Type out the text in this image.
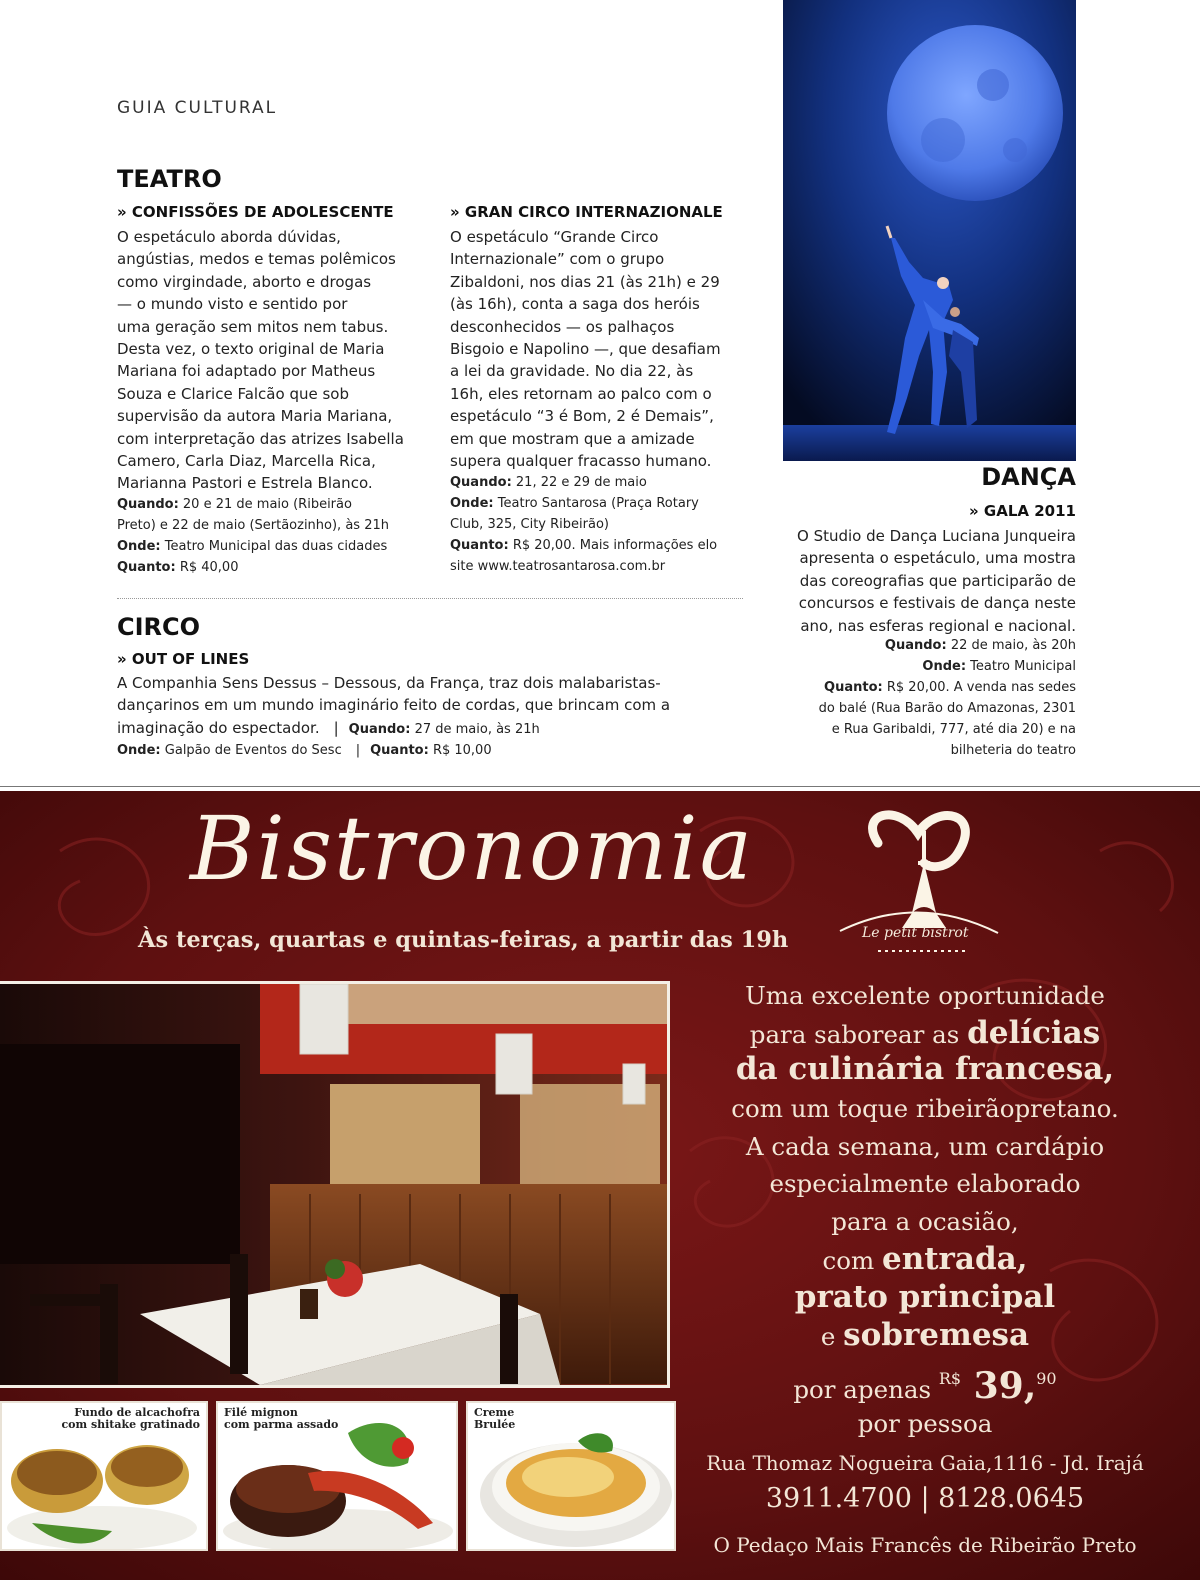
GUIA CULTURAL
TEATRO
» CONFISSÕES DE ADOLESCENTE
O espetáculo aborda dúvidas,
angústias, medos e temas polêmicos
como virgindade, aborto e drogas
— o mundo visto e sentido por
uma geração sem mitos nem tabus.
Desta vez, o texto original de Maria
Mariana foi adaptado por Matheus
Souza e Clarice Falcão que sob
supervisão da autora Maria Mariana,
com interpretação das atrizes Isabella
Camero, Carla Diaz, Marcella Rica,
Marianna Pastori e Estrela Blanco.
Quando: 20 e 21 de maio (Ribeirão
Preto) e 22 de maio (Sertãozinho), às 21h
Onde: Teatro Municipal das duas cidades
Quanto: R$ 40,00
» GRAN CIRCO INTERNAZIONALE
O espetáculo “Grande Circo
Internazionale” com o grupo
Zibaldoni, nos dias 21 (às 21h) e 29
(às 16h), conta a saga dos heróis
desconhecidos — os palhaços
Bisgoio e Napolino —, que desafiam
a lei da gravidade. No dia 22, às
16h, eles retornam ao palco com o
espetáculo “3 é Bom, 2 é Demais”,
em que mostram que a amizade
supera qualquer fracasso humano.
Quando: 21, 22 e 29 de maio
Onde: Teatro Santarosa (Praça Rotary
Club, 325, City Ribeirão)
Quanto: R$ 20,00. Mais informações elo
site www.teatrosantarosa.com.br
CIRCO
» OUT OF LINES
A Companhia Sens Dessus – Dessous, da França, traz dois malabaristas-
dançarinos em um mundo imaginário feito de cordas, que brincam com a
imaginação do espectador. | Quando: 27 de maio, às 21h
Onde: Galpão de Eventos do Sesc | Quanto: R$ 10,00
DANÇA
» GALA 2011
O Studio de Dança Luciana Junqueira
apresenta o espetáculo, uma mostra
das coreografias que participarão de
concursos e festivais de dança neste
ano, nas esferas regional e nacional.
Quando: 22 de maio, às 20h
Onde: Teatro Municipal
Quanto: R$ 20,00. A venda nas sedes
do balé (Rua Barão do Amazonas, 2301
e Rua Garibaldi, 777, até dia 20) e na
bilheteria do teatro
Bistronomia
Le petit bistrot
Às terças, quartas e quintas-feiras, a partir das 19h
Fundo de alcachofra
com shitake gratinado
Filé mignon
com parma assado
Creme
Brulée
Uma excelente oportunidade
para saborear as delícias
da culinária francesa,
com um toque ribeirãopretano.
A cada semana, um cardápio
especialmente elaborado
para a ocasião,
com entrada,
prato principal
e sobremesa
por apenas $^{R\$}$ 39,90
por pessoa
Rua Thomaz Nogueira Gaia,1116 - Jd. Irajá
3911.4700 | 8128.0645
O Pedaço Mais Francês de Ribeirão Preto
